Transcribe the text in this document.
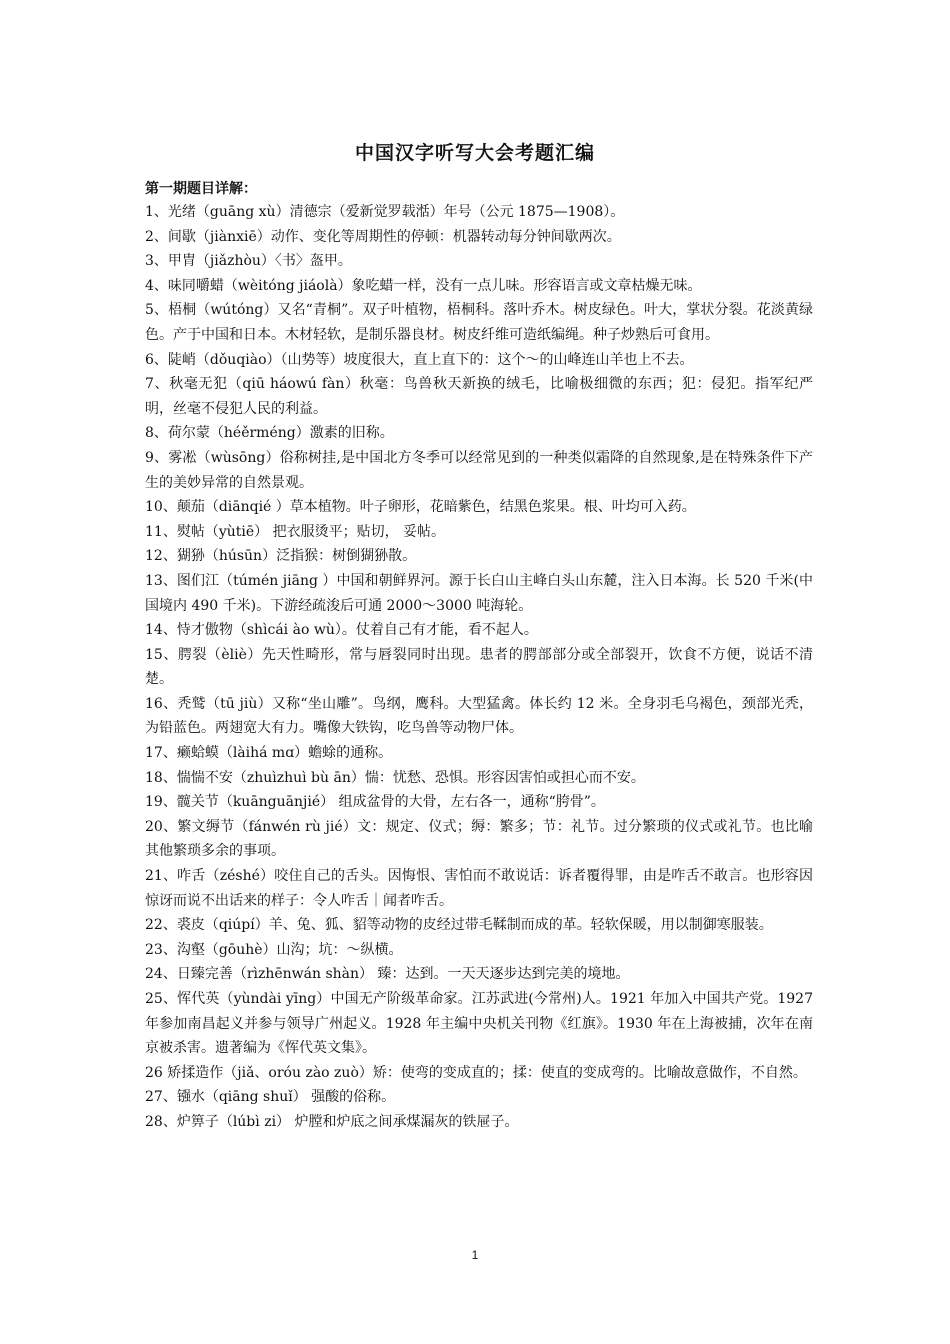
中国汉字听写大会考题汇编
第一期题目详解：

1、光绪（guāng xù）清德宗（爱新觉罗载湉）年号（公元 1875—1908）。

2、间歇（jiànxiē）动作、变化等周期性的停顿：机器转动每分钟间歇两次。

3、甲胄（jiǎzhòu）〈书〉盔甲。

4、味同嚼蜡（wèitóng jiáolà）象吃蜡一样，没有一点儿味。形容语言或文章枯燥无味。

5、梧桐（wútóng）又名“青桐”。双子叶植物，梧桐科。落叶乔木。树皮绿色。叶大，掌状分裂。花淡黄绿色。产于中国和日本。木材轻软，是制乐器良材。树皮纤维可造纸编绳。种子炒熟后可食用。

6、陡峭（dǒuqiào）（山势等）坡度很大，直上直下的：这个～的山峰连山羊也上不去。

7、秋毫无犯（qiū háowú fàn）秋毫：鸟兽秋天新换的绒毛，比喻极细微的东西；犯：侵犯。指军纪严明，丝毫不侵犯人民的利益。

8、荷尔蒙（héěrméng）激素的旧称。

9、雾凇（wùsōng）俗称树挂,是中国北方冬季可以经常见到的一种类似霜降的自然现象,是在特殊条件下产生的美妙异常的自然景观。

10、颠茄（diānqié ）草本植物。叶子卵形，花暗紫色，结黑色浆果。根、叶均可入药。

11、熨帖（yùtiē） 把衣服烫平；贴切， 妥帖。

12、猢狲（húsūn）泛指猴：树倒猢狲散。

13、图们江（túmén jiāng ）中国和朝鲜界河。源于长白山主峰白头山东麓，注入日本海。长 520 千米(中国境内 490 千米)。下游经疏浚后可通 2000～3000 吨海轮。

14、恃才傲物（shìcái ào wù）。仗着自己有才能，看不起人。

15、腭裂（èliè）先天性畸形，常与唇裂同时出现。患者的腭部部分或全部裂开，饮食不方便，说话不清楚。

16、秃鹫（tū jiù）又称“坐山雕”。鸟纲，鹰科。大型猛禽。体长约 12 米。全身羽毛乌褐色，颈部光秃，为铅蓝色。两翅宽大有力。嘴像大铁钩，吃鸟兽等动物尸体。

17、癞蛤蟆（làihá mɑ）蟾蜍的通称。

18、惴惴不安（zhuìzhuì bù ān）惴：忧愁、恐惧。形容因害怕或担心而不安。

19、髋关节（kuānguānjié） 组成盆骨的大骨，左右各一，通称“胯骨”。

20、繁文缛节（fánwén rù jié）文：规定、仪式；缛：繁多；节：礼节。过分繁琐的仪式或礼节。也比喻其他繁琐多余的事项。

21、咋舌（zéshé）咬住自己的舌头。因悔恨、害怕而不敢说话：诉者覆得罪，由是咋舌不敢言。也形容因惊讶而说不出话来的样子：令人咋舌｜闻者咋舌。

22、裘皮（qiúpí）羊、兔、狐、貂等动物的皮经过带毛鞣制而成的革。轻软保暖，用以制御寒服装。

23、沟壑（gōuhè）山沟；坑：～纵横。

24、日臻完善（rìzhēnwán shàn） 臻：达到。一天天逐步达到完美的境地。

25、恽代英（yùndài yīng）中国无产阶级革命家。江苏武进(今常州)人。1921 年加入中国共产党。1927 年参加南昌起义并参与领导广州起义。1928 年主编中央机关刊物《红旗》。1930 年在上海被捕，次年在南京被杀害。遗著编为《恽代英文集》。

26 矫揉造作（jiǎ、oróu zào zuò）矫：使弯的变成直的；揉：使直的变成弯的。比喻故意做作，不自然。

27、镪水（qiāng shuǐ） 强酸的俗称。

28、炉箅子（lúbì zi） 炉膛和炉底之间承煤漏灰的铁屉子。

1
